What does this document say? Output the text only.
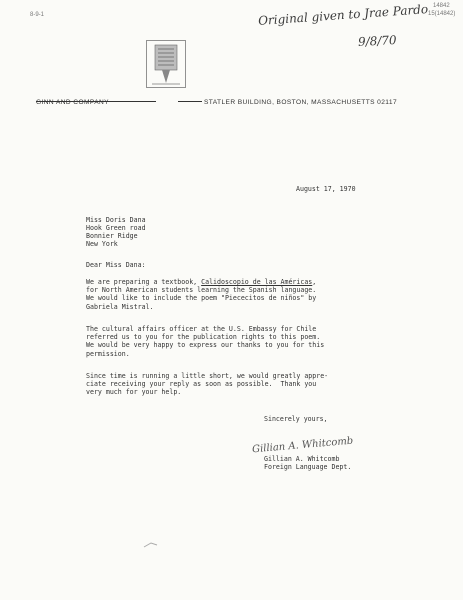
8-9-1	Original given to Jrae Pardo
9/8/70
14842
15(14842)
GINN AND COMPANY	STATLER BUILDING, BOSTON, MASSACHUSETTS 02117
August 17, 1970
Miss Doris Dana
Hook Green road
Bonnier Ridge
New York
Dear Miss Dana:
We are preparing a textbook, Calidoscopio de las Américas,
for North American students learning the Spanish language.
We would like to include the poem "Piececitos de niños" by
Gabriela Mistral.
The cultural affairs officer at the U.S. Embassy for Chile
referred us to you for the publication rights to this poem.
We would be very happy to express our thanks to you for this
permission.
Since time is running a little short, we would greatly appre-
ciate receiving your reply as soon as possible.  Thank you
very much for your help.
Sincerely yours,
Gillian A. Whitcomb
Gillian A. Whitcomb
Foreign Language Dept.
